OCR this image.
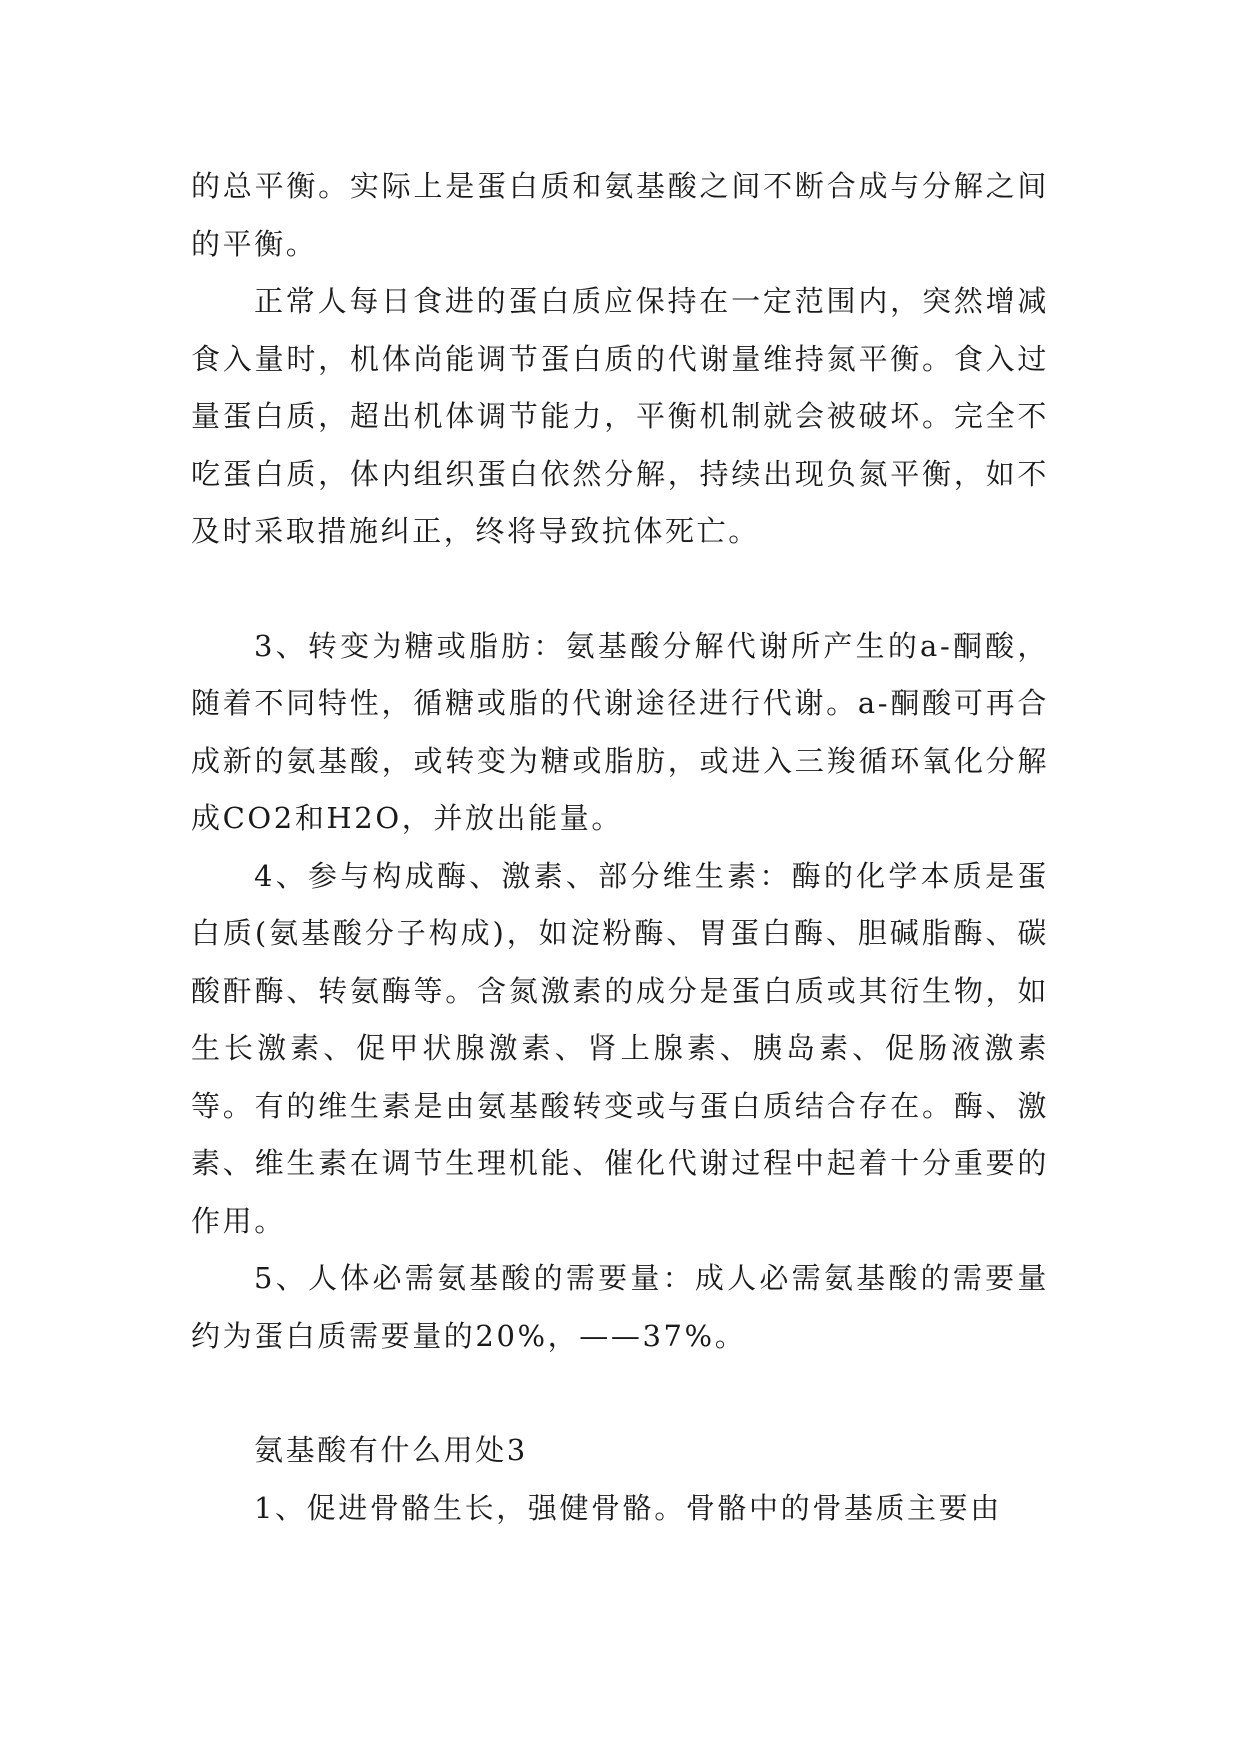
的总平衡。实际上是蛋白质和氨基酸之间不断合成与分解之间的平衡。

正常人每日食进的蛋白质应保持在一定范围内，突然增减食入量时，机体尚能调节蛋白质的代谢量维持氮平衡。食入过量蛋白质，超出机体调节能力，平衡机制就会被破坏。完全不吃蛋白质，体内组织蛋白依然分解，持续出现负氮平衡，如不及时采取措施纠正，终将导致抗体死亡。

3、转变为糖或脂肪：氨基酸分解代谢所产生的a-酮酸，随着不同特性，循糖或脂的代谢途径进行代谢。a-酮酸可再合成新的氨基酸，或转变为糖或脂肪，或进入三羧循环氧化分解成CO2和H2O，并放出能量。

4、参与构成酶、激素、部分维生素：酶的化学本质是蛋白质(氨基酸分子构成)，如淀粉酶、胃蛋白酶、胆碱脂酶、碳酸酐酶、转氨酶等。含氮激素的成分是蛋白质或其衍生物，如生长激素、促甲状腺激素、肾上腺素、胰岛素、促肠液激素等。有的维生素是由氨基酸转变或与蛋白质结合存在。酶、激素、维生素在调节生理机能、催化代谢过程中起着十分重要的作用。

5、人体必需氨基酸的需要量：成人必需氨基酸的需要量约为蛋白质需要量的20%，——37%。

氨基酸有什么用处3

1、促进骨骼生长，强健骨骼。骨骼中的骨基质主要由
